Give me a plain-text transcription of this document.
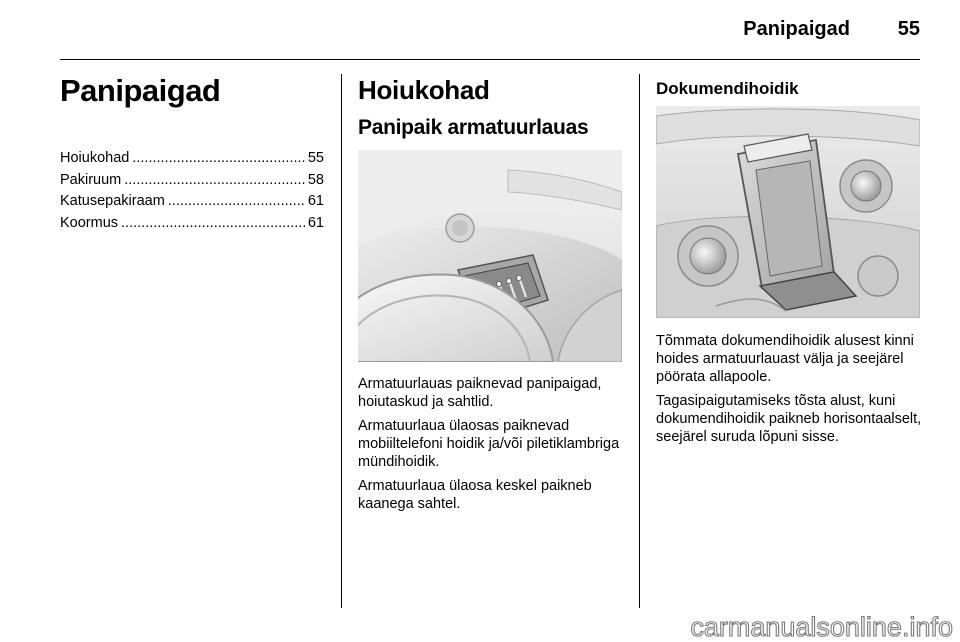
Panipaigad	55
Panipaigad
Hoiukohad .....	55
Pakiruum .....	58
Katusepakiraam .....	61
Koormus .....	61
Hoiukohad
Panipaik armatuurlauas

Armatuurlauas paiknevad panipaigad, hoiutaskud ja sahtlid.

Armatuurlaua ülaosas paiknevad mobiiltelefoni hoidik ja/või piletiklambriga mündihoidik.

Armatuurlaua ülaosa keskel paikneb kaanega sahtel.

Dokumendihoidik

Tõmmata dokumendihoidik alusest kinni hoides armatuurlauast välja ja seejärel pöörata allapoole.

Tagasipaigutamiseks tõsta alust, kuni dokumendihoidik paikneb horisontaalselt, seejärel suruda lõpuni sisse.

carmanualsonline.info
